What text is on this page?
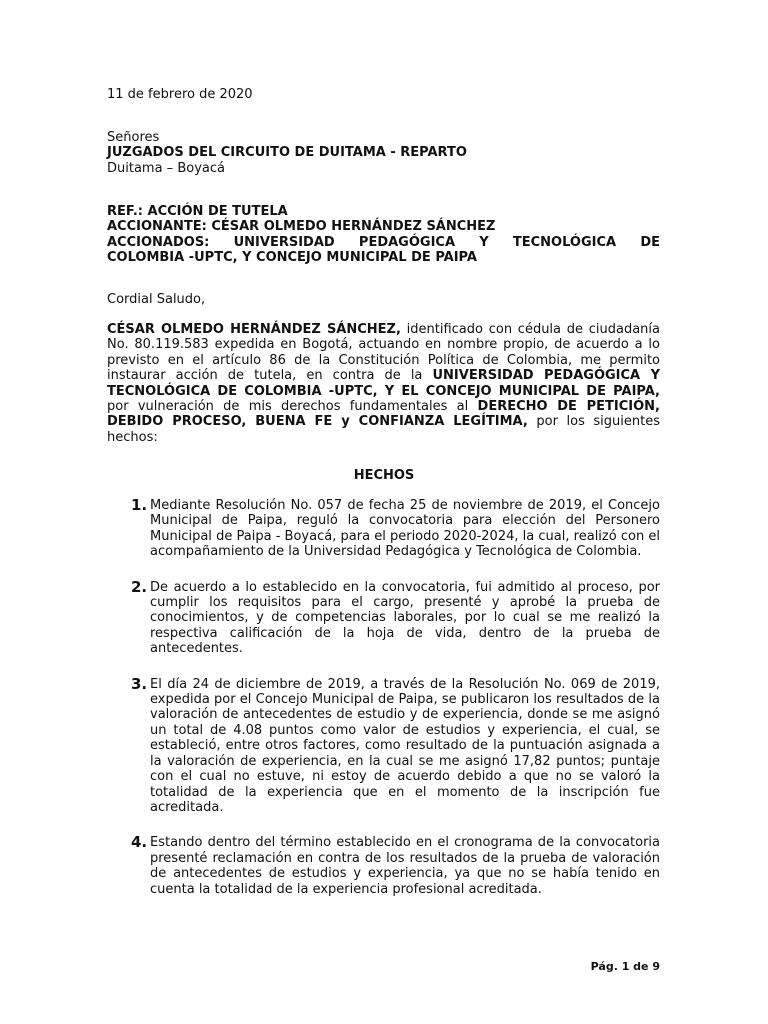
11 de febrero de 2020
Señores
JUZGADOS DEL CIRCUITO DE DUITAMA - REPARTO
Duitama – Boyacá
REF.: ACCIÓN DE TUTELA
ACCIONANTE: CÉSAR OLMEDO HERNÁNDEZ SÁNCHEZ
ACCIONADOS: UNIVERSIDAD PEDAGÓGICA Y TECNOLÓGICA DE
COLOMBIA -UPTC, Y CONCEJO MUNICIPAL DE PAIPA
Cordial Saludo,
CÉSAR OLMEDO HERNÁNDEZ SÁNCHEZ, identificado con cédula de ciudadanía No. 80.119.583 expedida en Bogotá, actuando en nombre propio, de acuerdo a lo previsto en el artículo 86 de la Constitución Política de Colombia, me permito instaurar acción de tutela, en contra de la UNIVERSIDAD PEDAGÓGICA Y TECNOLÓGICA DE COLOMBIA -UPTC, Y EL CONCEJO MUNICIPAL DE PAIPA, por vulneración de mis derechos fundamentales al DERECHO DE PETICIÓN, DEBIDO PROCESO, BUENA FE y CONFIANZA LEGÍTIMA, por los siguientes hechos:
HECHOS
1. Mediante Resolución No. 057 de fecha 25 de noviembre de 2019, el Concejo Municipal de Paipa, reguló la convocatoria para elección del Personero Municipal de Paipa - Boyacá, para el periodo 2020-2024, la cual, realizó con el acompañamiento de la Universidad Pedagógica y Tecnológica de Colombia.
2. De acuerdo a lo establecido en la convocatoria, fui admitido al proceso, por cumplir los requisitos para el cargo, presenté y aprobé la prueba de conocimientos, y de competencias laborales, por lo cual se me realizó la respectiva calificación de la hoja de vida, dentro de la prueba de antecedentes.
3. El día 24 de diciembre de 2019, a través de la Resolución No. 069 de 2019, expedida por el Concejo Municipal de Paipa, se publicaron los resultados de la valoración de antecedentes de estudio y de experiencia, donde se me asignó un total de 4.08 puntos como valor de estudios y experiencia, el cual, se estableció, entre otros factores, como resultado de la puntuación asignada a la valoración de experiencia, en la cual se me asignó 17,82 puntos; puntaje con el cual no estuve, ni estoy de acuerdo debido a que no se valoró la totalidad de la experiencia que en el momento de la inscripción fue acreditada.
4. Estando dentro del término establecido en el cronograma de la convocatoria presenté reclamación en contra de los resultados de la prueba de valoración de antecedentes de estudios y experiencia, ya que no se había tenido en cuenta la totalidad de la experiencia profesional acreditada.
Pág. 1 de 9
